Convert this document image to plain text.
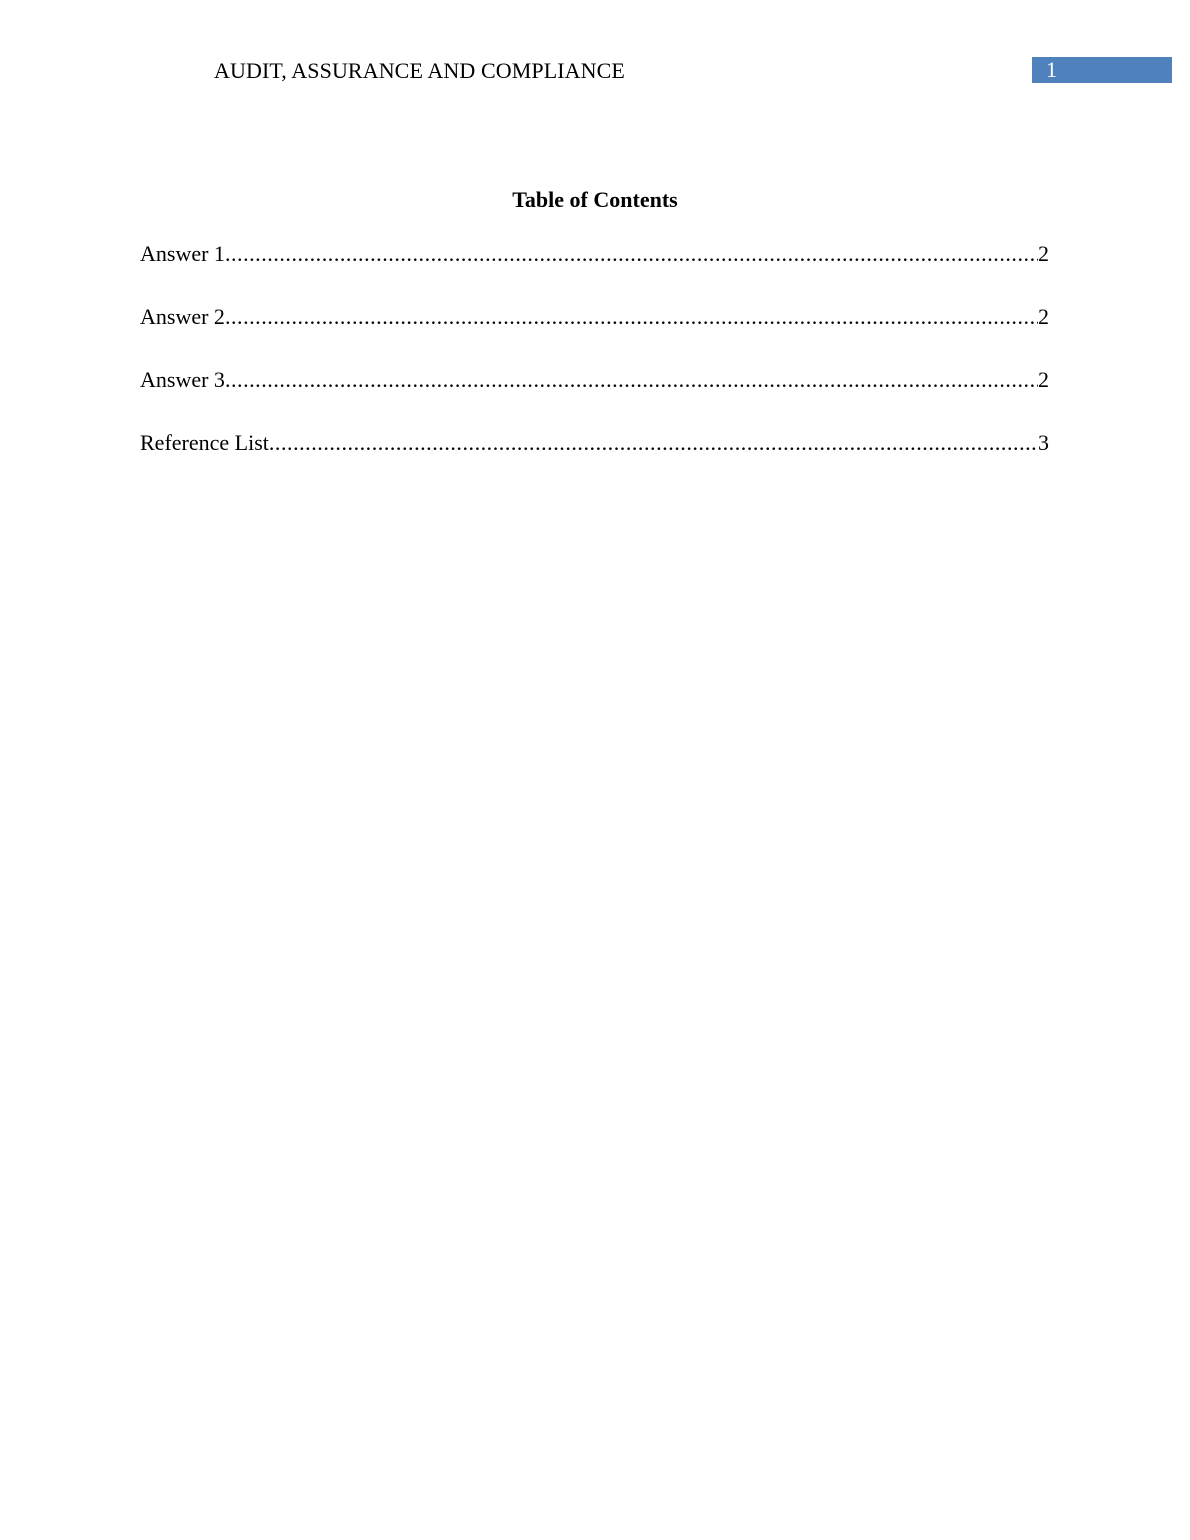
AUDIT, ASSURANCE AND COMPLIANCE	1
Table of Contents
Answer 1 .....	2
Answer 2 .....	2
Answer 3 .....	2
Reference List .....	3
